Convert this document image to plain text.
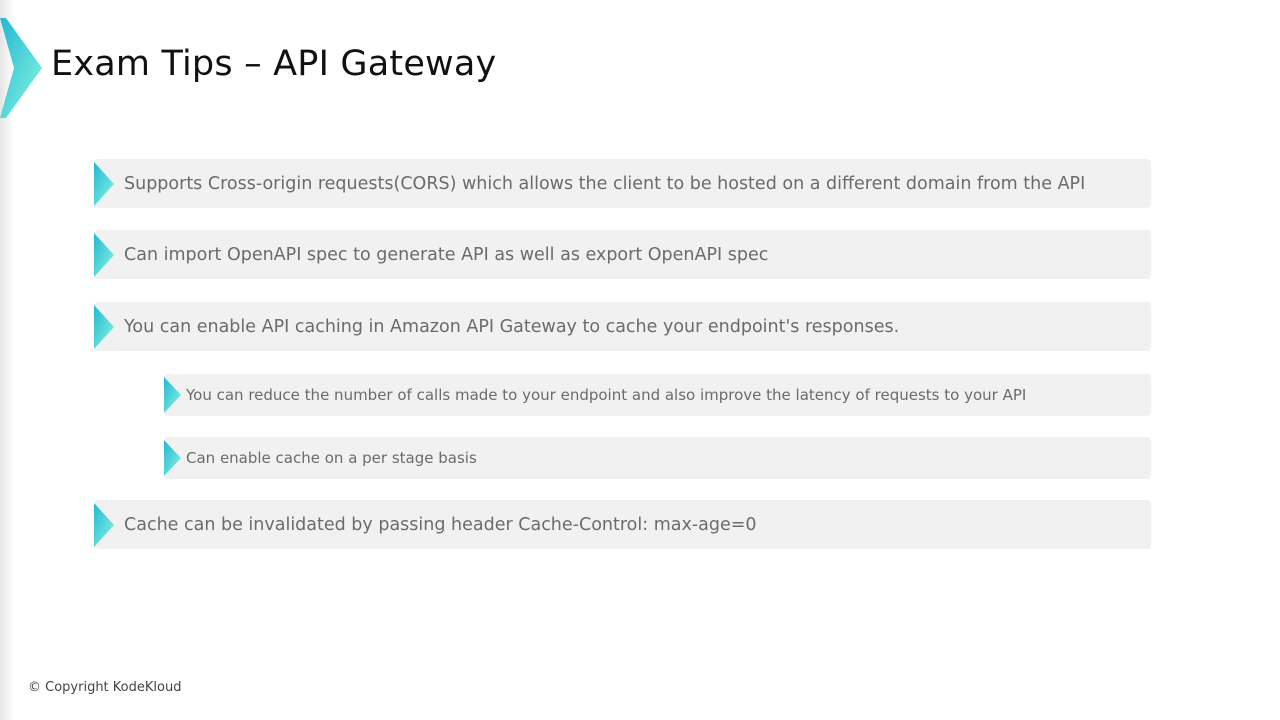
Exam Tips – API Gateway
Supports Cross-origin requests(CORS) which allows the client to be hosted on a different domain from the API
Can import OpenAPI spec to generate API as well as export OpenAPI spec
You can enable API caching in Amazon API Gateway to cache your endpoint's responses.
You can reduce the number of calls made to your endpoint and also improve the latency of requests to your API
Can enable cache on a per stage basis
Cache can be invalidated by passing header Cache-Control: max-age=0
© Copyright KodeKloud
